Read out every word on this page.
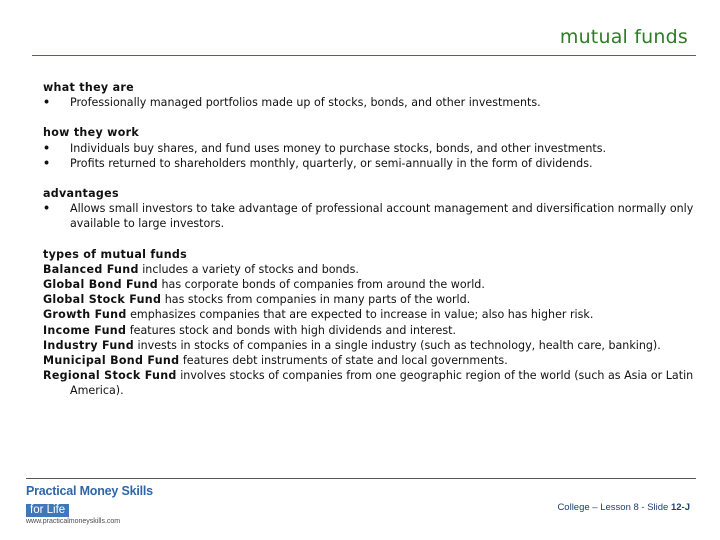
mutual funds
what they are
• Professionally managed portfolios made up of stocks, bonds, and other investments.
how they work
• Individuals buy shares, and fund uses money to purchase stocks, bonds, and other investments.
• Profits returned to shareholders monthly, quarterly, or semi-annually in the form of dividends.
advantages
• Allows small investors to take advantage of professional account management and diversification normally only available to large investors.
types of mutual funds
Balanced Fund includes a variety of stocks and bonds.
Global Bond Fund has corporate bonds of companies from around the world.
Global Stock Fund has stocks from companies in many parts of the world.
Growth Fund emphasizes companies that are expected to increase in value; also has higher risk.
Income Fund features stock and bonds with high dividends and interest.
Industry Fund invests in stocks of companies in a single industry (such as technology, health care, banking).
Municipal Bond Fund features debt instruments of state and local governments.
Regional Stock Fund involves stocks of companies from one geographic region of the world (such as Asia or Latin America).
Practical Money Skills
for Life
www.practicalmoneyskills.com
College – Lesson 8 - Slide 12-J
